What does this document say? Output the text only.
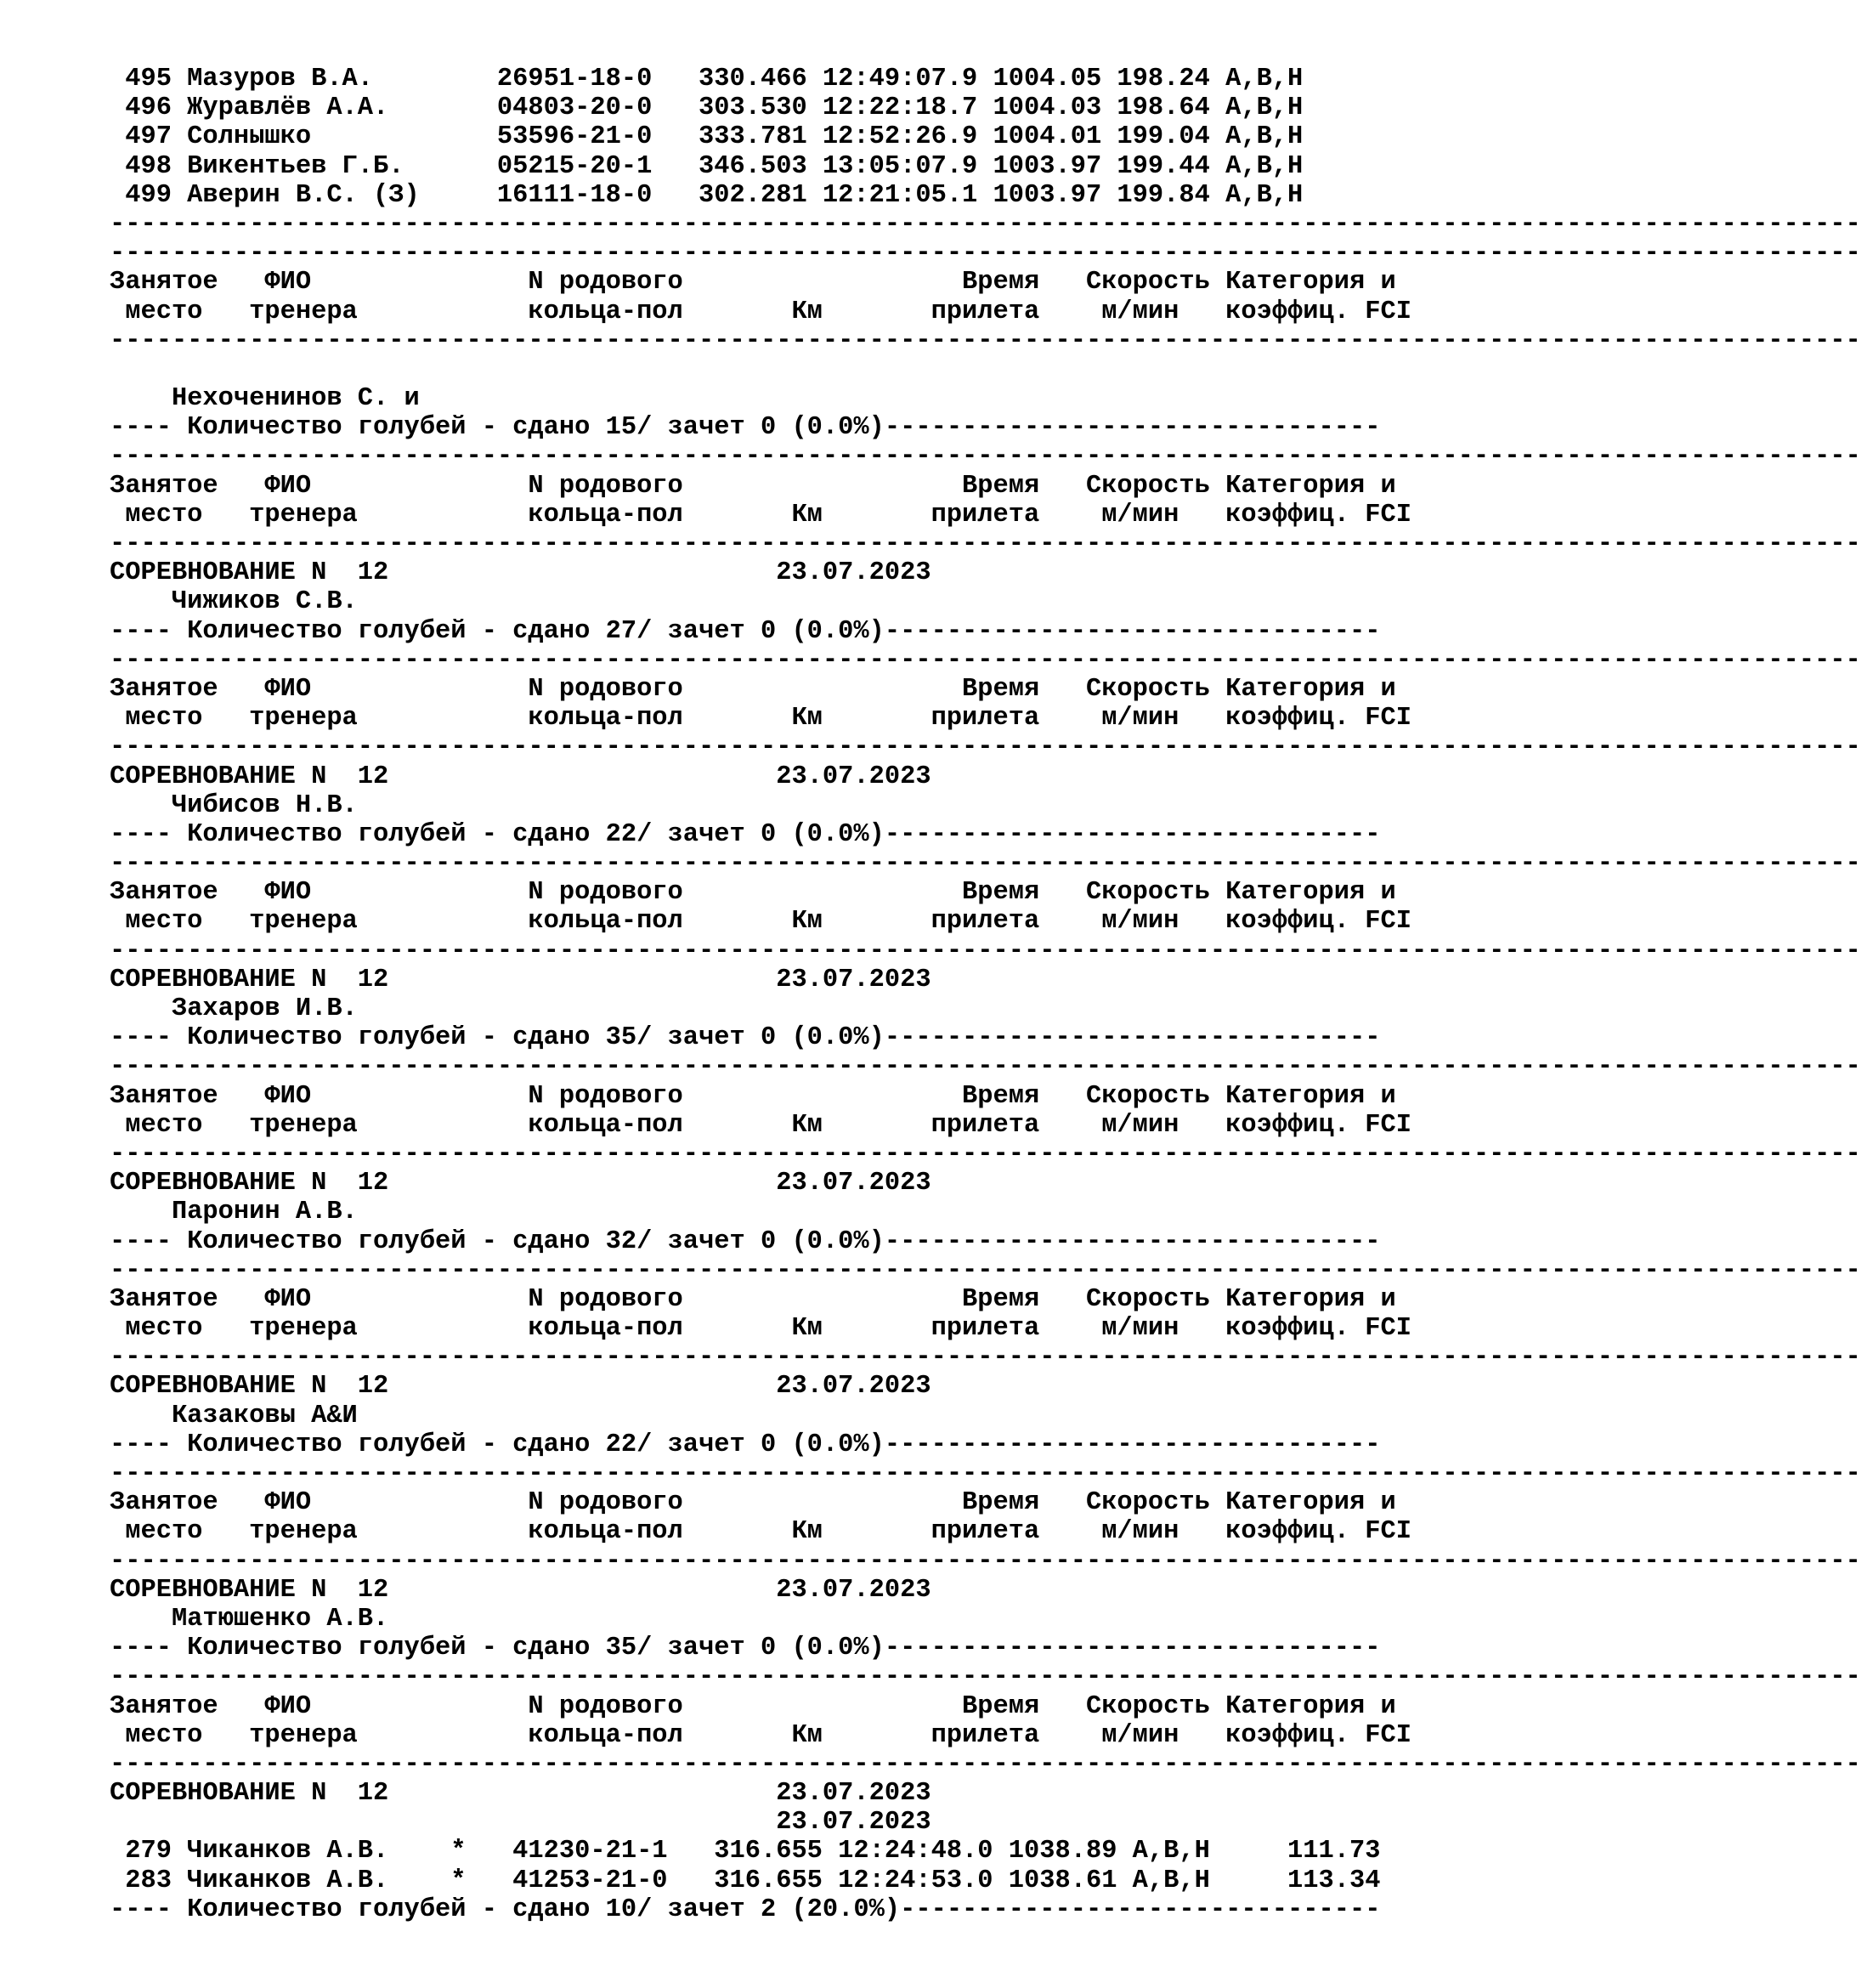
495 Мазуров В.А.        26951-18-0   330.466 12:49:07.9 1004.05 198.24 A,B,H
496 Журавлёв А.А.       04803-20-0   303.530 12:22:18.7 1004.03 198.64 A,B,H
497 Солнышко            53596-21-0   333.781 12:52:26.9 1004.01 199.04 A,B,H
498 Викентьев Г.Б.      05215-20-1   346.503 13:05:07.9 1003.97 199.44 A,B,H
499 Аверин В.С. (З)     16111-18-0   302.281 12:21:05.1 1003.97 199.84 A,B,H
-----------------------------------------------------------------------------------------------------------------
-----------------------------------------------------------------------------------------------------------------
Занятое   ФИО              N родового                  Время   Скорость Категория и
место   тренера           кольца-пол       Км       прилета    м/мин   коэффиц. FCI
-----------------------------------------------------------------------------------------------------------------
Нехоченинов С. и
---- Количество голубей - сдано 15/ зачет 0 (0.0%)--------------------------------
-----------------------------------------------------------------------------------------------------------------
Занятое   ФИО              N родового                  Время   Скорость Категория и
место   тренера           кольца-пол       Км       прилета    м/мин   коэффиц. FCI
-----------------------------------------------------------------------------------------------------------------
СОРЕВНОВАНИЕ N  12                         23.07.2023
Чижиков С.В.
---- Количество голубей - сдано 27/ зачет 0 (0.0%)--------------------------------
-----------------------------------------------------------------------------------------------------------------
Занятое   ФИО              N родового                  Время   Скорость Категория и
место   тренера           кольца-пол       Км       прилета    м/мин   коэффиц. FCI
-----------------------------------------------------------------------------------------------------------------
СОРЕВНОВАНИЕ N  12                         23.07.2023
Чибисов Н.В.
---- Количество голубей - сдано 22/ зачет 0 (0.0%)--------------------------------
-----------------------------------------------------------------------------------------------------------------
Занятое   ФИО              N родового                  Время   Скорость Категория и
место   тренера           кольца-пол       Км       прилета    м/мин   коэффиц. FCI
-----------------------------------------------------------------------------------------------------------------
СОРЕВНОВАНИЕ N  12                         23.07.2023
Захаров И.В.
---- Количество голубей - сдано 35/ зачет 0 (0.0%)--------------------------------
-----------------------------------------------------------------------------------------------------------------
Занятое   ФИО              N родового                  Время   Скорость Категория и
место   тренера           кольца-пол       Км       прилета    м/мин   коэффиц. FCI
-----------------------------------------------------------------------------------------------------------------
СОРЕВНОВАНИЕ N  12                         23.07.2023
Паронин А.В.
---- Количество голубей - сдано 32/ зачет 0 (0.0%)--------------------------------
-----------------------------------------------------------------------------------------------------------------
Занятое   ФИО              N родового                  Время   Скорость Категория и
место   тренера           кольца-пол       Км       прилета    м/мин   коэффиц. FCI
-----------------------------------------------------------------------------------------------------------------
СОРЕВНОВАНИЕ N  12                         23.07.2023
Казаковы А&И
---- Количество голубей - сдано 22/ зачет 0 (0.0%)--------------------------------
-----------------------------------------------------------------------------------------------------------------
Занятое   ФИО              N родового                  Время   Скорость Категория и
место   тренера           кольца-пол       Км       прилета    м/мин   коэффиц. FCI
-----------------------------------------------------------------------------------------------------------------
СОРЕВНОВАНИЕ N  12                         23.07.2023
Матюшенко А.В.
---- Количество голубей - сдано 35/ зачет 0 (0.0%)--------------------------------
-----------------------------------------------------------------------------------------------------------------
Занятое   ФИО              N родового                  Время   Скорость Категория и
место   тренера           кольца-пол       Км       прилета    м/мин   коэффиц. FCI
-----------------------------------------------------------------------------------------------------------------
СОРЕВНОВАНИЕ N  12                         23.07.2023
23.07.2023
279 Чиканков А.В.    *   41230-21-1   316.655 12:24:48.0 1038.89 A,B,H     111.73
283 Чиканков А.В.    *   41253-21-0   316.655 12:24:53.0 1038.61 A,B,H     113.34
---- Количество голубей - сдано 10/ зачет 2 (20.0%)-------------------------------
